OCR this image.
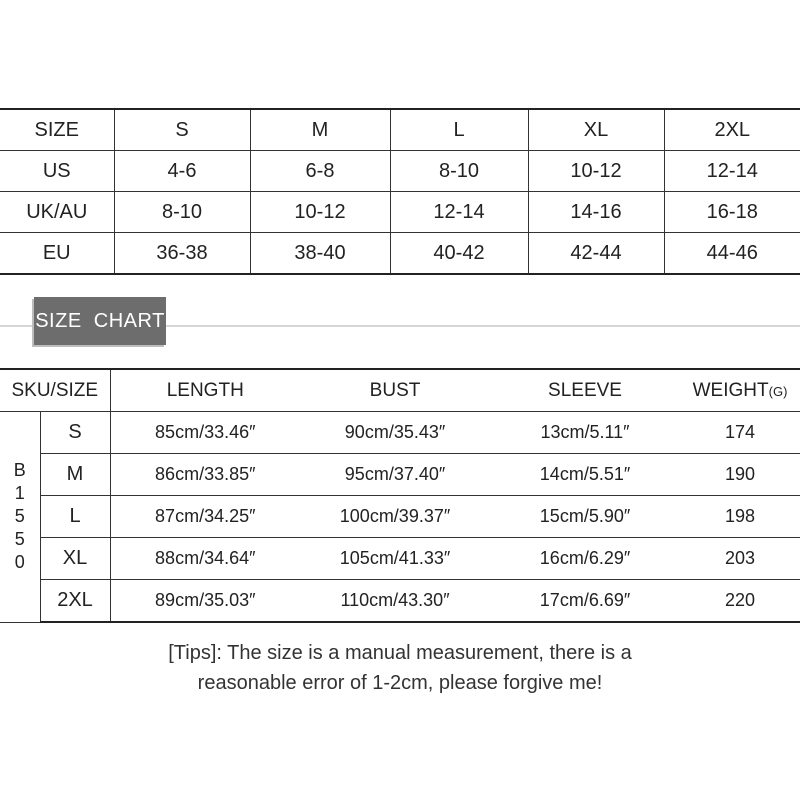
SIZE	S	M	L	XL	2XL
US	4-6	6-8	8-10	10-12	12-14
UK/AU	8-10	10-12	12-14	14-16	16-18
EU	36-38	38-40	40-42	42-44	44-46
SIZE  CHART
SKU/SIZE		LENGTH	BUST	SLEEVE	WEIGHT(G)

B
1
5
5
0	S	85cm/33.46″	90cm/35.43″	13cm/5.11″	174
	M	86cm/33.85″	95cm/37.40″	14cm/5.51″	190
	L	87cm/34.25″	100cm/39.37″	15cm/5.90″	198
	XL	88cm/34.64″	105cm/41.33″	16cm/6.29″	203
	2XL	89cm/35.03″	110cm/43.30″	17cm/6.69″	220
[Tips]: The size is a manual measurement, there is a
reasonable error of 1-2cm, please forgive me!
